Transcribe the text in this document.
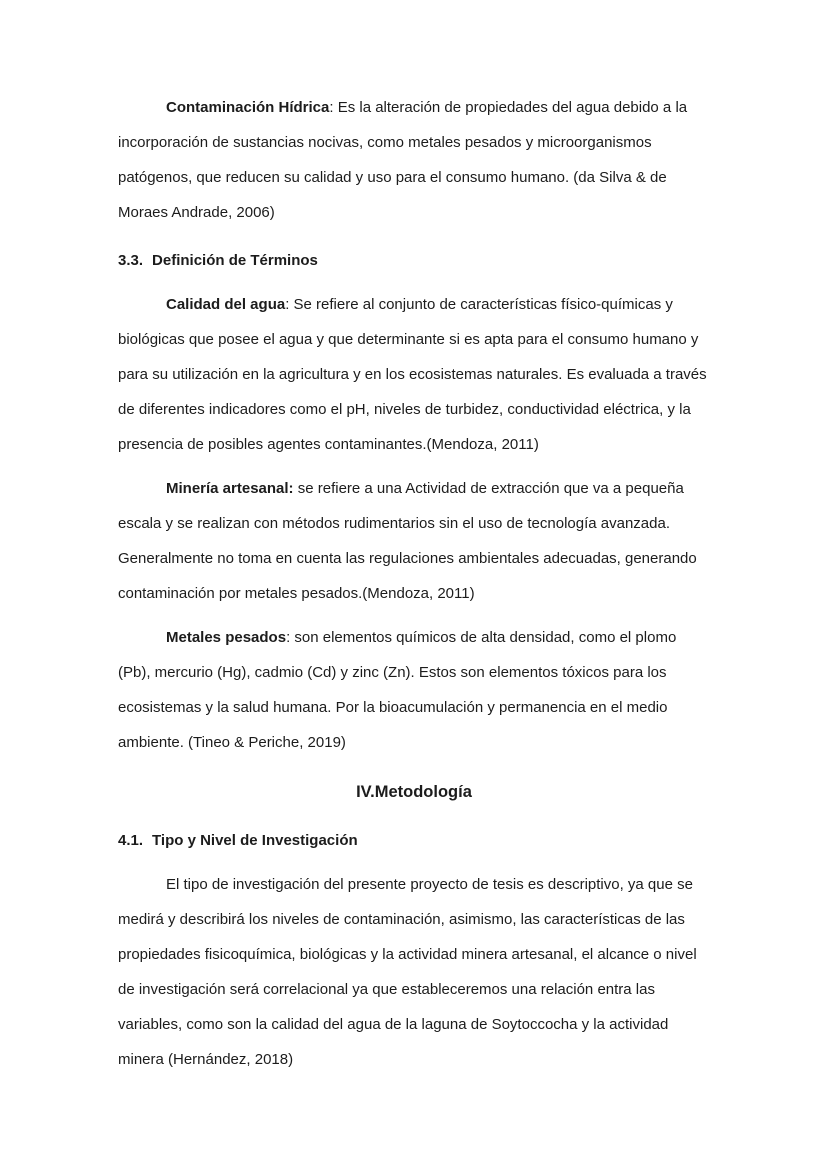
Contaminación Hídrica: Es la alteración de propiedades del agua debido a la incorporación de sustancias nocivas, como metales pesados y microorganismos patógenos, que reducen su calidad y uso para el consumo humano. (da Silva & de Moraes Andrade, 2006)

3.3. Definición de Términos

Calidad del agua: Se refiere al conjunto de características físico-químicas y biológicas que posee el agua y que determinante si es apta para el consumo humano y para su utilización en la agricultura y en los ecosistemas naturales. Es evaluada a través de diferentes indicadores como el pH, niveles de turbidez, conductividad eléctrica, y la presencia de posibles agentes contaminantes.(Mendoza, 2011)

Minería artesanal: se refiere a una Actividad de extracción que va a pequeña escala y se realizan con métodos rudimentarios sin el uso de tecnología avanzada. Generalmente no toma en cuenta las regulaciones ambientales adecuadas, generando contaminación por metales pesados.(Mendoza, 2011)

Metales pesados: son elementos químicos de alta densidad, como el plomo (Pb), mercurio (Hg), cadmio (Cd) y zinc (Zn). Estos son elementos tóxicos para los ecosistemas y la salud humana. Por la bioacumulación y permanencia en el medio ambiente. (Tineo & Periche, 2019)

IV.Metodología
4.1. Tipo y Nivel de Investigación

El tipo de investigación del presente proyecto de tesis es descriptivo, ya que se medirá y describirá los niveles de contaminación, asimismo, las características de las propiedades fisicoquímica, biológicas y la actividad minera artesanal, el alcance o nivel de investigación será correlacional ya que estableceremos una relación entra las variables, como son la calidad del agua de la laguna de Soytoccocha y la actividad minera (Hernández, 2018)
